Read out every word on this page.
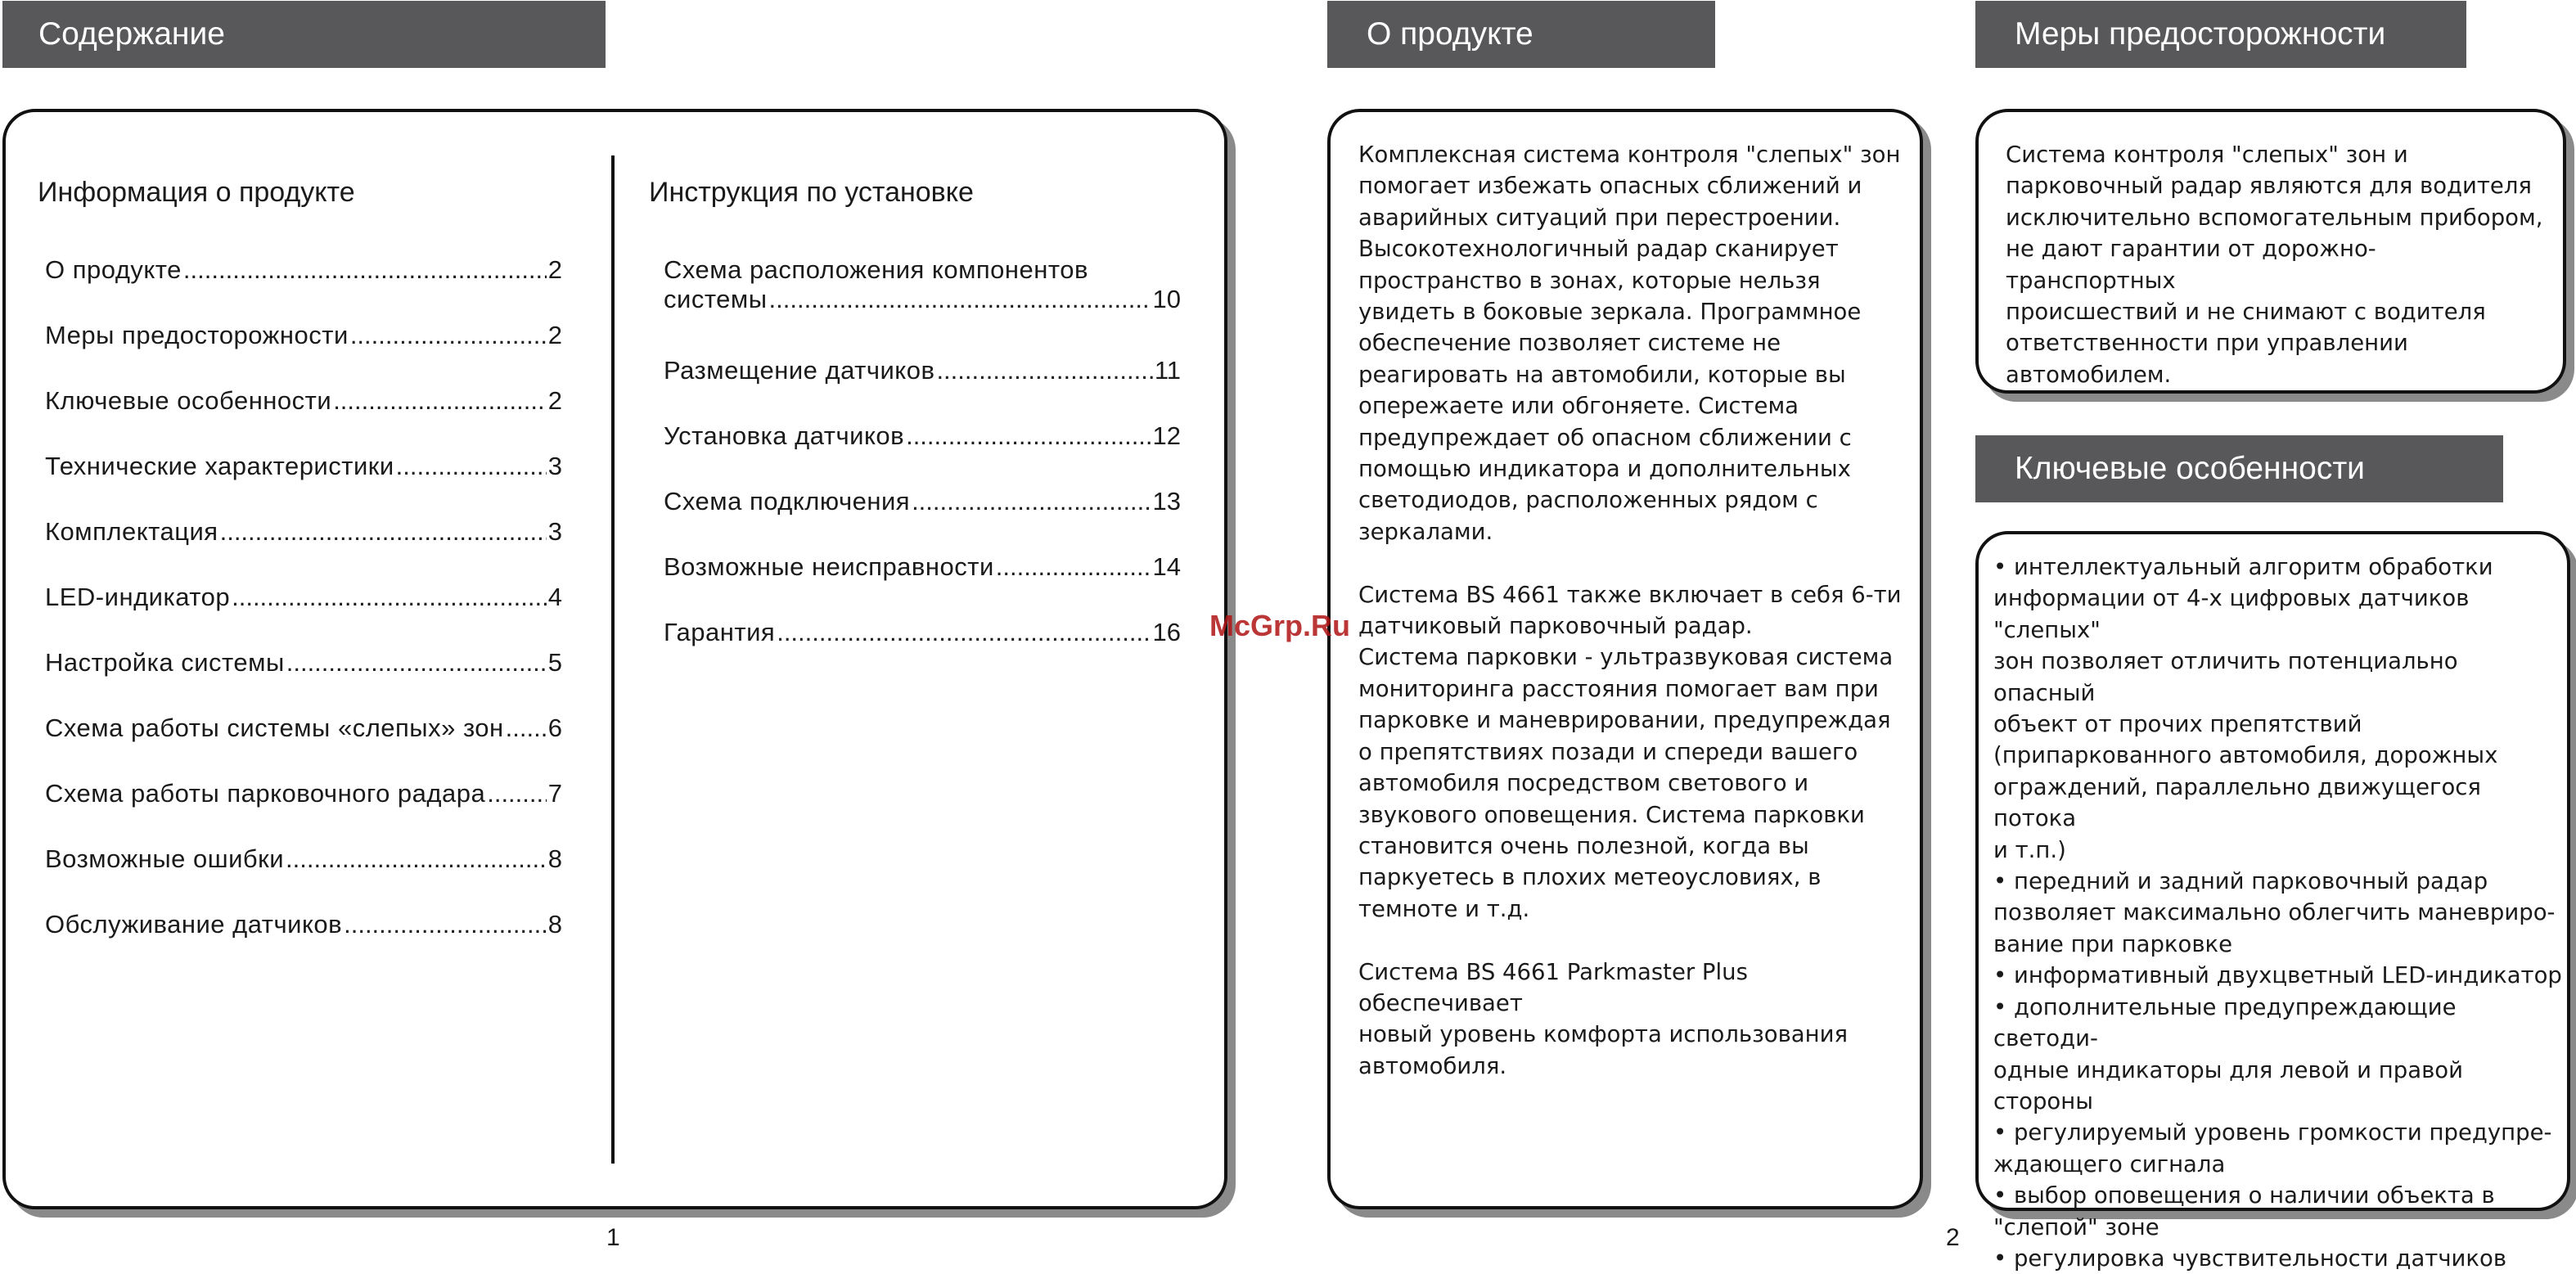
Содержание	О продукте	Меры предосторожности
Ключевые особенности
Информация о продукте	Инструкция по установке
О продукте .....	2
Меры предосторожности .....	2
Ключевые особенности .....	2
Технические характеристики .....	3
Комплектация .....	3
LED-индикатор .....	4
Настройка системы .....	5
Схема работы системы «слепых» зон ..... 6
Схема работы парковочного радара ..... 7
Возможные ошибки .....	8
Обслуживание датчиков .....	8
Схема расположения компонентов
системы .....	10
Размещение датчиков .....	11
Установка датчиков .....	12
Схема подключения .....	13
Возможные неисправности .....	14
Гарантия .....	16

Комплексная система контроля "слепых" зон

помогает избежать опасных сближений и

аварийных ситуаций при перестроении.

Высокотехнологичный радар сканирует

пространство в зонах, которые нельзя

увидеть в боковые зеркала. Программное

обеспечение позволяет системе не

реагировать на автомобили, которые вы

опережаете или обгоняете. Система

предупреждает об опасном сближении с

помощью индикатора и дополнительных

светодиодов, расположенных рядом с

зеркалами.

Система BS 4661 также включает в себя 6-ти

датчиковый парковочный радар.

Система парковки - ультразвуковая система

мониторинга расстояния помогает вам при

парковке и маневрировании, предупреждая

о препятствиях позади и спереди вашего

автомобиля посредством светового и

звукового оповещения. Система парковки

становится очень полезной, когда вы

паркуетесь в плохих метеоусловиях, в

темноте и т.д.

Система BS 4661 Parkmaster Plus обеспечивает

новый уровень комфорта использования

автомобиля.

Система контроля "слепых" зон и

парковочный радар являются для водителя

исключительно вспомогательным прибором,

не дают гарантии от дорожно-транспортных

происшествий и не снимают с водителя

ответственности при управлении

автомобилем.

• интеллектуальный алгоритм обработки

информации от 4-х цифровых датчиков "слепых"

зон позволяет отличить потенциально опасный

объект от прочих препятствий

(припаркованного автомобиля, дорожных

ограждений, параллельно движущегося потока

и т.п.)

• передний и задний парковочный радар

позволяет максимально облегчить маневриро-

вание при парковке

• информативный двухцветный LED-индикатор

• дополнительные предупреждающие светоди-

одные индикаторы для левой и правой стороны

• регулируемый уровень громкости предупре-

ждающего сигнала

• выбор оповещения о наличии объекта в

"слепой" зоне

• регулировка чувствительности датчиков

McGrp.Ru
1	2
